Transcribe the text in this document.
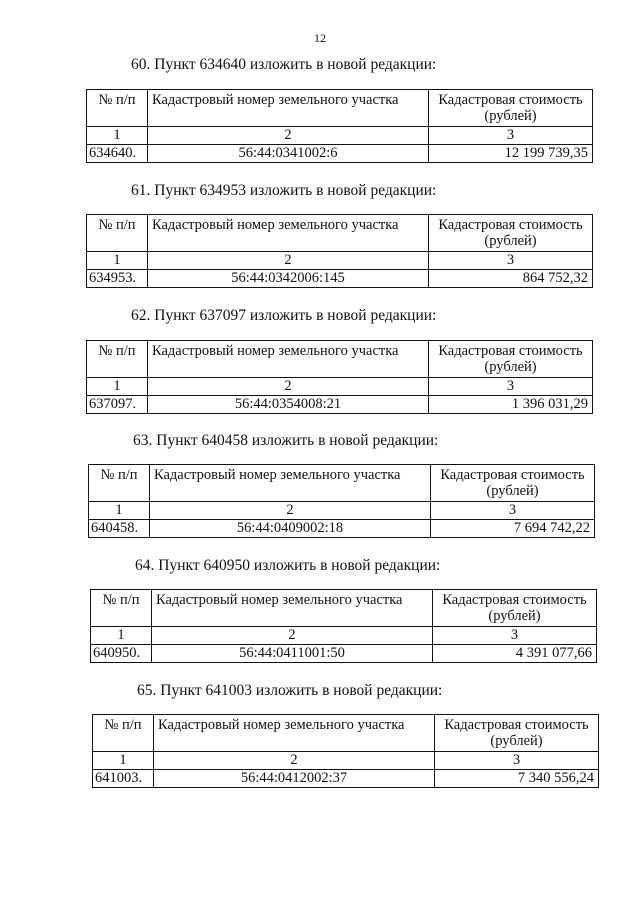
12
60. Пункт 634640 изложить в новой редакции:
№ п/п	Кадастровый номер земельного участка	Кадастровая стоимость (рублей)
1	2	3
634640.	56:44:0341002:6	12 199 739,35
61. Пункт 634953 изложить в новой редакции:
№ п/п	Кадастровый номер земельного участка	Кадастровая стоимость (рублей)
1	2	3
634953.	56:44:0342006:145	864 752,32
62. Пункт 637097 изложить в новой редакции:
№ п/п	Кадастровый номер земельного участка	Кадастровая стоимость (рублей)
1	2	3
637097.	56:44:0354008:21	1 396 031,29
63. Пункт 640458 изложить в новой редакции:
№ п/п	Кадастровый номер земельного участка	Кадастровая стоимость (рублей)
1	2	3
640458.	56:44:0409002:18	7 694 742,22
64. Пункт 640950 изложить в новой редакции:
№ п/п	Кадастровый номер земельного участка	Кадастровая стоимость (рублей)
1	2	3
640950.	56:44:0411001:50	4 391 077,66
65. Пункт 641003 изложить в новой редакции:
№ п/п	Кадастровый номер земельного участка	Кадастровая стоимость (рублей)
1	2	3
641003.	56:44:0412002:37	7 340 556,24
